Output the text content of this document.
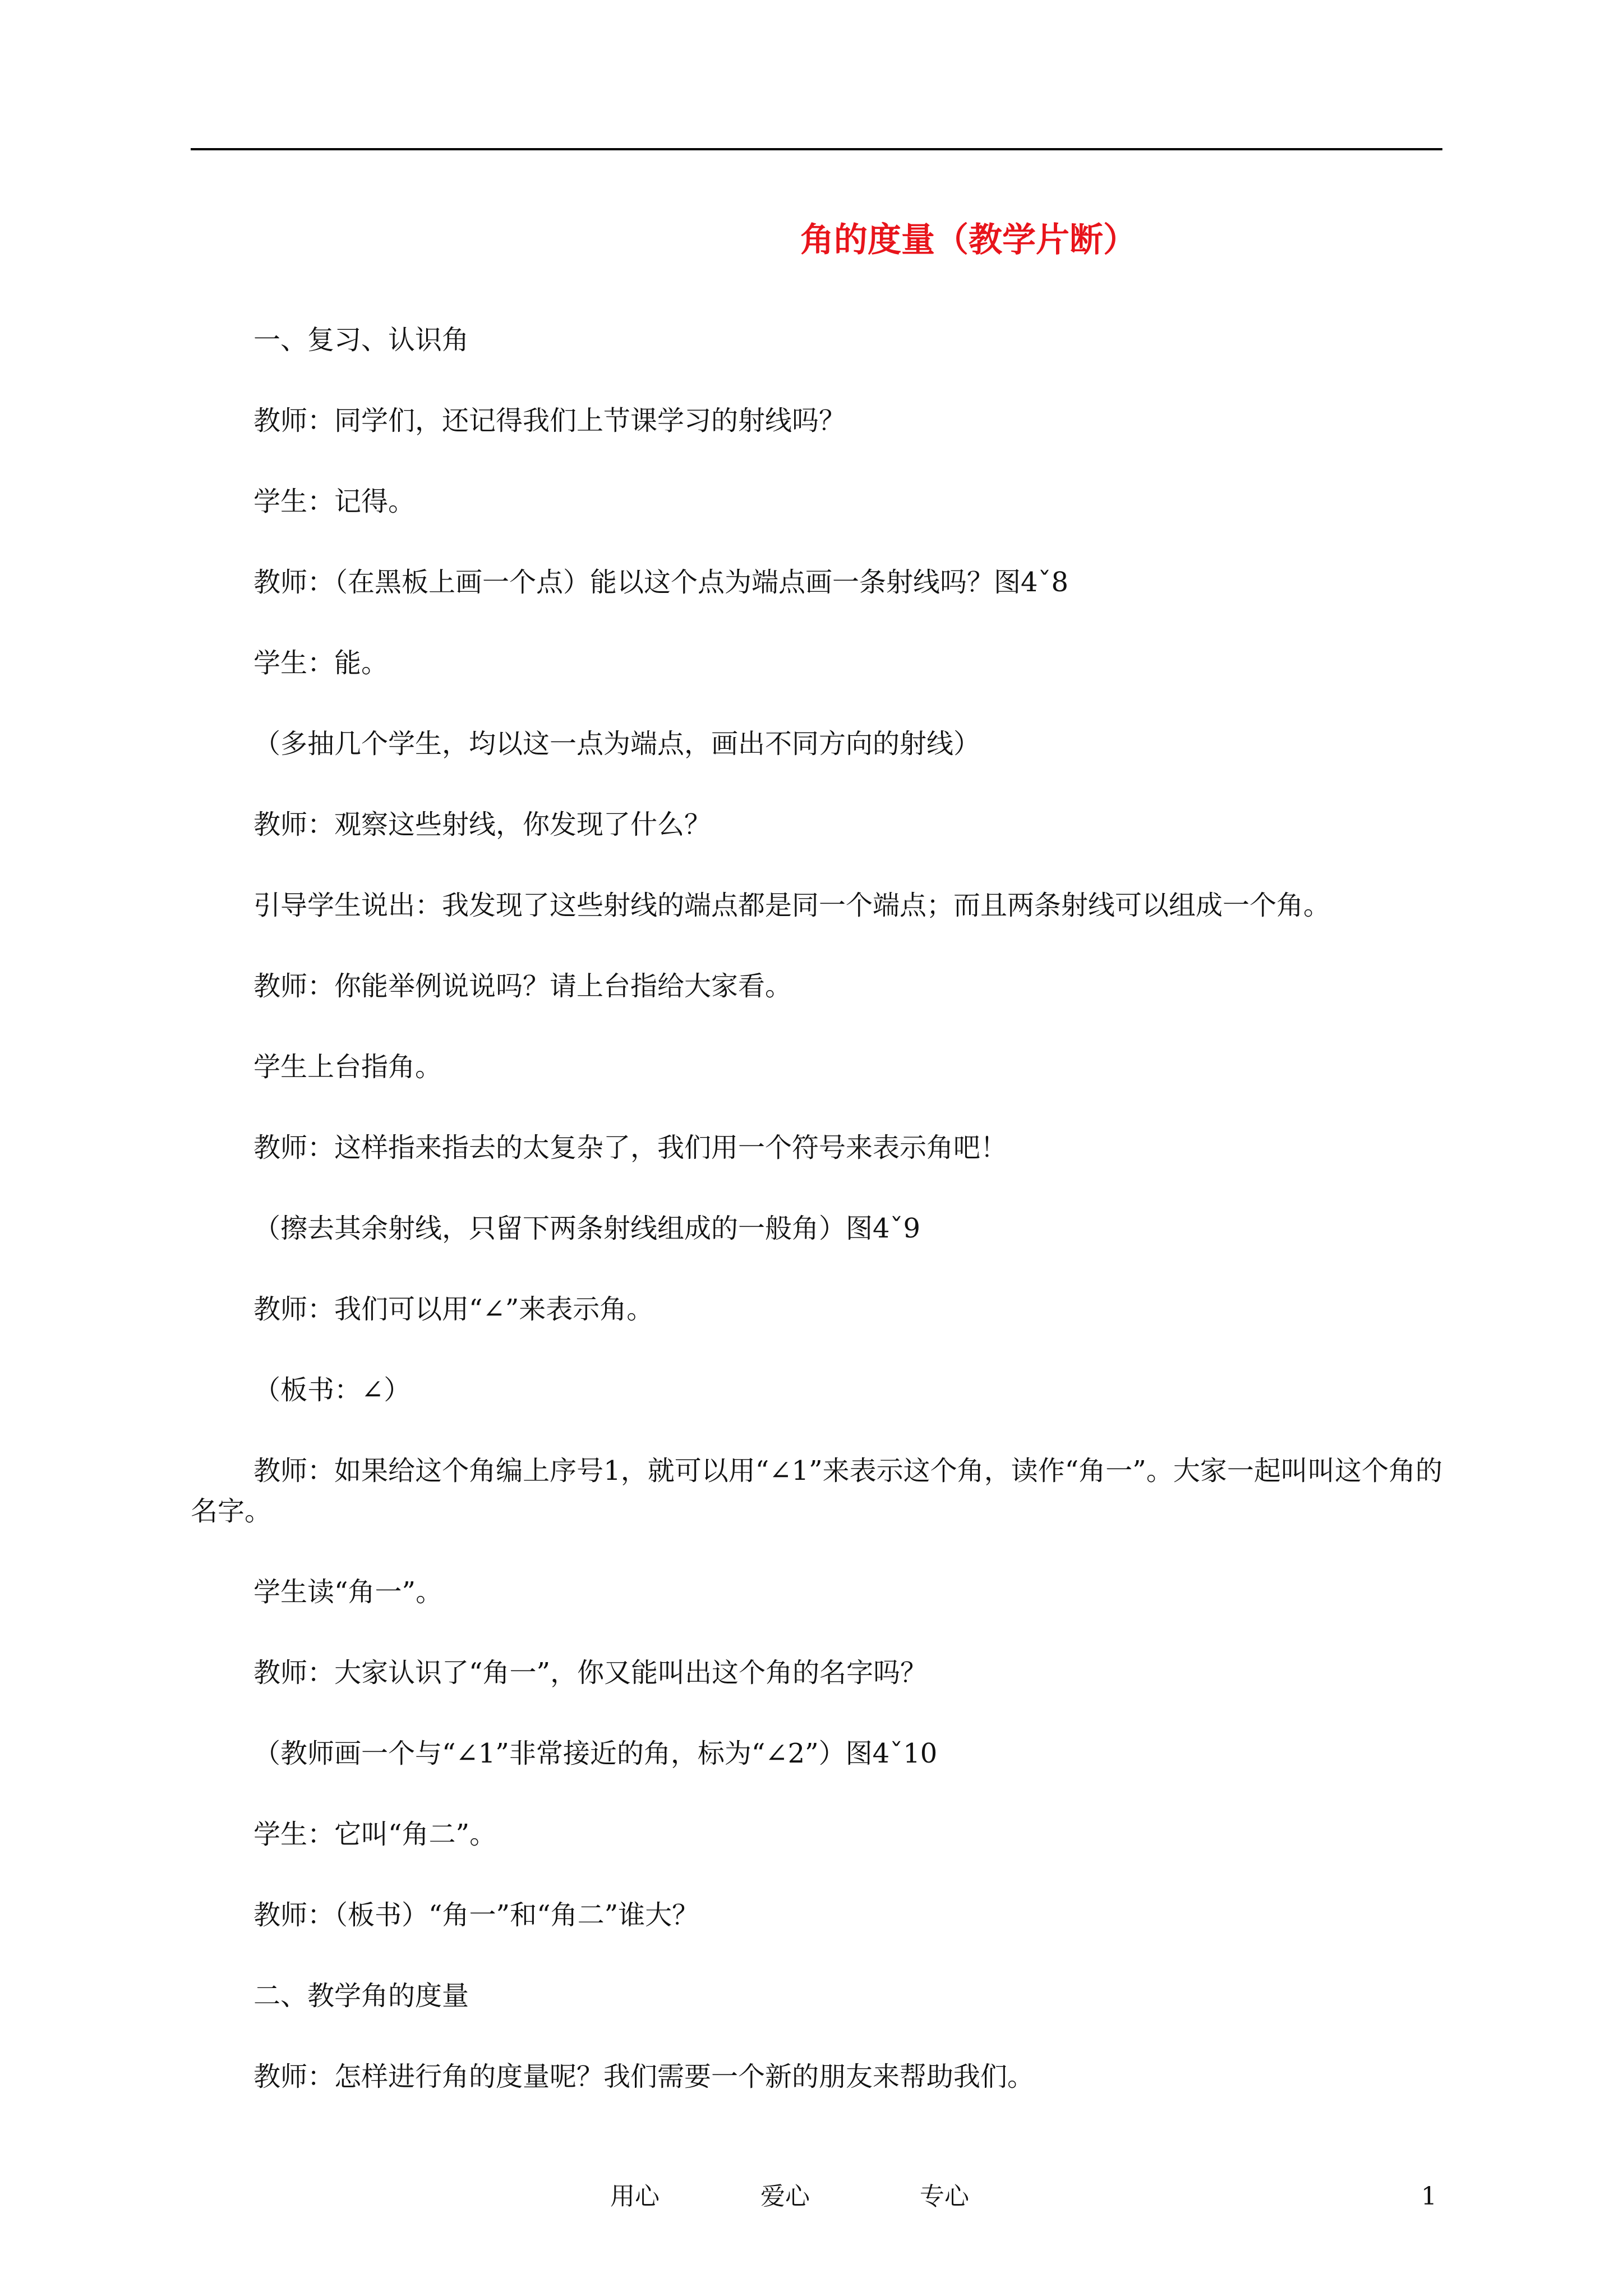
角的度量（教学片断）

一、复习、认识角

教师：同学们，还记得我们上节课学习的射线吗？

学生：记得。

教师：（在黑板上画一个点）能以这个点为端点画一条射线吗？图4ˇ8

学生：能。

（多抽几个学生，均以这一点为端点，画出不同方向的射线）

教师：观察这些射线，你发现了什么？

引导学生说出：我发现了这些射线的端点都是同一个端点；而且两条射线可以组成一个角。

教师：你能举例说说吗？请上台指给大家看。

学生上台指角。

教师：这样指来指去的太复杂了，我们用一个符号来表示角吧！

（擦去其余射线，只留下两条射线组成的一般角）图4ˇ9

教师：我们可以用“∠”来表示角。

（板书：∠）

教师：如果给这个角编上序号1，就可以用“∠1”来表示这个角，读作“角一”。大家一起叫叫这个角的名字。

学生读“角一”。

教师：大家认识了“角一”，你又能叫出这个角的名字吗？

（教师画一个与“∠1”非常接近的角，标为“∠2”）图4ˇ10

学生：它叫“角二”。

教师：（板书）“角一”和“角二”谁大？

二、教学角的度量

教师：怎样进行角的度量呢？我们需要一个新的朋友来帮助我们。

用心	爱心	专心	1
